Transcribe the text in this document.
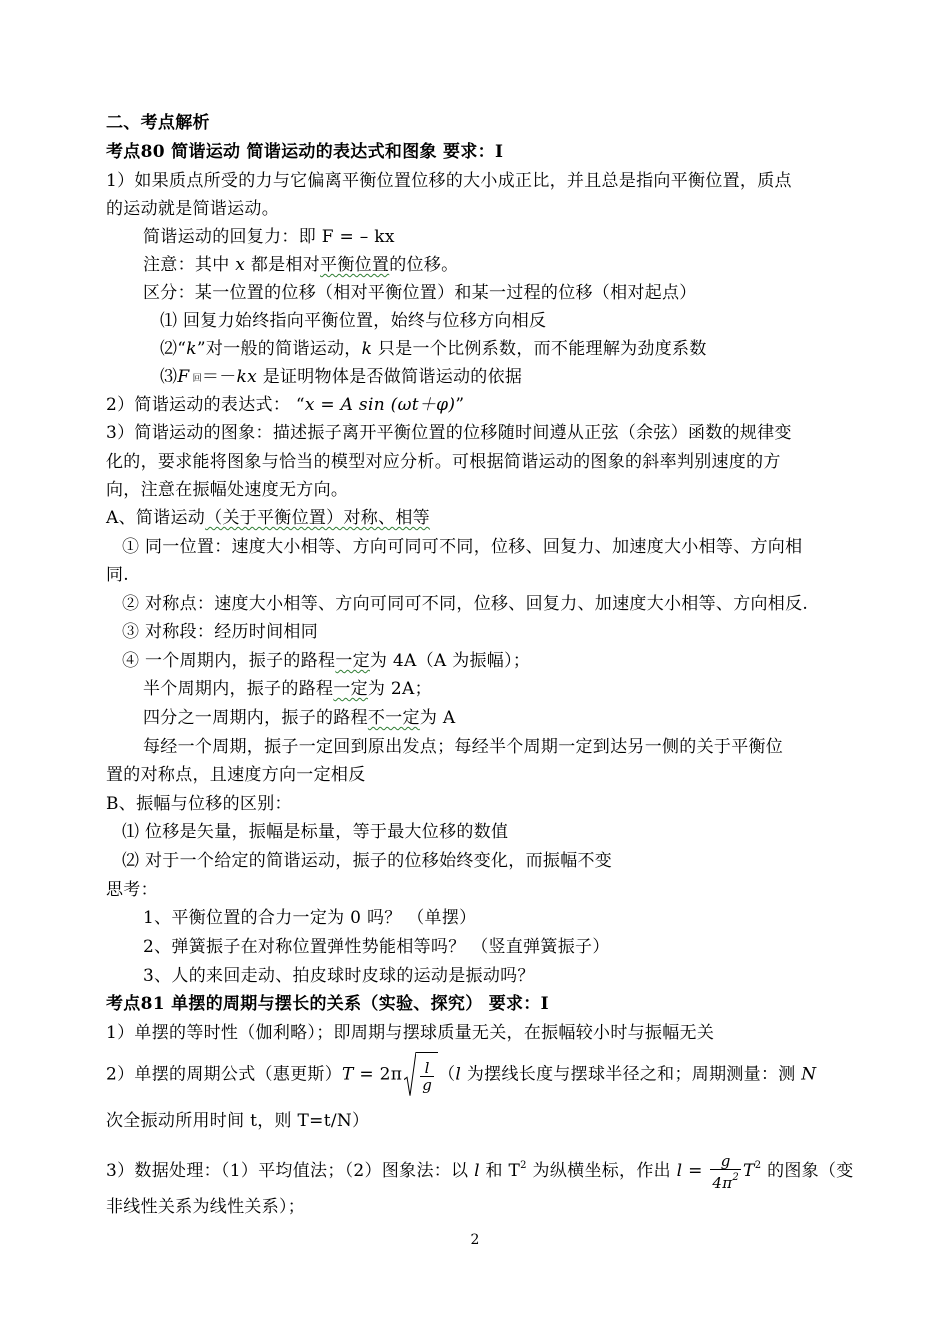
二、考点解析
考点80 简谐运动 简谐运动的表达式和图象 要求：I
1）如果质点所受的力与它偏离平衡位置位移的大小成正比，并且总是指向平衡位置，质点
的运动就是简谐运动。
简谐运动的回复力：即 F = – kx
注意：其中 x 都是相对平衡位置的位移。
区分：某一位置的位移（相对平衡位置）和某一过程的位移（相对起点）
⑴ 回复力始终指向平衡位置，始终与位移方向相反
⑵“k”对一般的简谐运动，k 只是一个比例系数，而不能理解为劲度系数
⑶F 回＝－kx 是证明物体是否做简谐运动的依据
2）简谐运动的表达式： “x = A sin (ωt＋φ)”
3）简谐运动的图象：描述振子离开平衡位置的位移随时间遵从正弦（余弦）函数的规律变
化的，要求能将图象与恰当的模型对应分析。可根据简谐运动的图象的斜率判别速度的方
向，注意在振幅处速度无方向。
A、简谐运动（关于平衡位置）对称、相等
① 同一位置：速度大小相等、方向可同可不同，位移、回复力、加速度大小相等、方向相
同.
② 对称点：速度大小相等、方向可同可不同，位移、回复力、加速度大小相等、方向相反.
③ 对称段：经历时间相同
④ 一个周期内，振子的路程一定为 4A（A 为振幅）；
半个周期内，振子的路程一定为 2A；
四分之一周期内，振子的路程不一定为 A
每经一个周期，振子一定回到原出发点；每经半个周期一定到达另一侧的关于平衡位
置的对称点，且速度方向一定相反
B、振幅与位移的区别：
⑴ 位移是矢量，振幅是标量，等于最大位移的数值
⑵ 对于一个给定的简谐运动，振子的位移始终变化，而振幅不变
思考：
1、平衡位置的合力一定为 0 吗？ （单摆）
2、弹簧振子在对称位置弹性势能相等吗？ （竖直弹簧振子）
3、人的来回走动、拍皮球时皮球的运动是振动吗？
考点81 单摆的周期与摆长的关系（实验、探究） 要求：Ⅰ
1）单摆的等时性（伽利略）；即周期与摆球质量无关，在振幅较小时与振幅无关
2）单摆的周期公式（惠更斯）$T = 2\pi \frac{l}{g} (l$ 为摆线长度与摆球半径之和；周期测量：测 N
次全振动所用时间 t，则 T=t/N）
3）数据处理：（1）平均值法；（2）图象法：以 l 和 $T^2$ 为纵横坐标，作出 $l = \frac{g}{4\pi^2} T^2$ 的图象（变
非线性关系为线性关系）；
2
